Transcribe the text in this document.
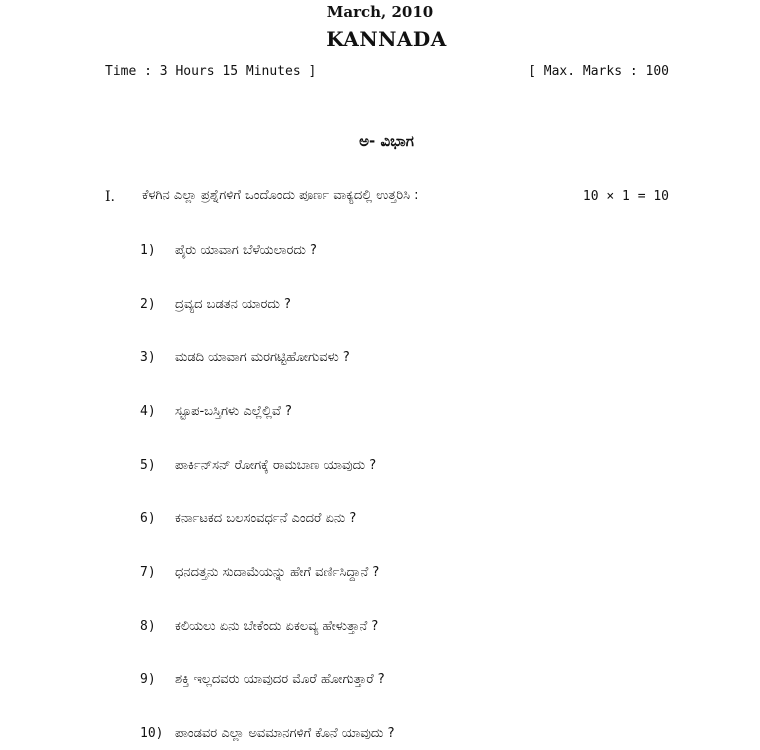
March, 2010
KANNADA
Time : 3 Hours 15 Minutes ]	[ Max. Marks : 100
ಅ- ವಿಭಾಗ
I. ಕೆಳಗಿನ ಎಲ್ಲಾ ಪ್ರಶ್ನೆಗಳಿಗೆ ಒಂದೊಂದು ಪೂರ್ಣ ವಾಕ್ಯದಲ್ಲಿ ಉತ್ತರಿಸಿ :	10 × 1 = 10
1) ಪೈರು ಯಾವಾಗ ಬೆಳೆಯಲಾರದು ?
2) ದ್ರವ್ಯದ ಬಡತನ ಯಾರದು ?
3) ಮಡದಿ ಯಾವಾಗ ಮರಗಟ್ಟಿಹೋಗುವಳು ?
4) ಸ್ಟೂಪ-ಬಸ್ತಿಗಳು ಎಲ್ಲೆಲ್ಲಿವೆ ?
5) ಪಾರ್ಕಿನ್‌ಸನ್ ರೋಗಕ್ಕೆ ರಾಮಬಾಣ ಯಾವುದು ?
6) ಕರ್ನಾಟಕದ ಬಲಸಂವರ್ಧನೆ ಎಂದರೆ ಏನು ?
7) ಧನದತ್ತನು ಸುದಾಮೆಯನ್ನು ಹೇಗೆ ವರ್ಣಿಸಿದ್ದಾನೆ ?
8) ಕಲಿಯಲು ಏನು ಬೇಕೆಂದು ಏಕಲವ್ಯ ಹೇಳುತ್ತಾನೆ ?
9) ಶಕ್ತಿ ಇಲ್ಲದವರು ಯಾವುದರ ಮೊರೆ ಹೋಗುತ್ತಾರೆ ?
10) ಪಾಂಡವರ ಎಲ್ಲಾ ಅವಮಾನಗಳಿಗೆ ಕೊನೆ ಯಾವುದು ?
